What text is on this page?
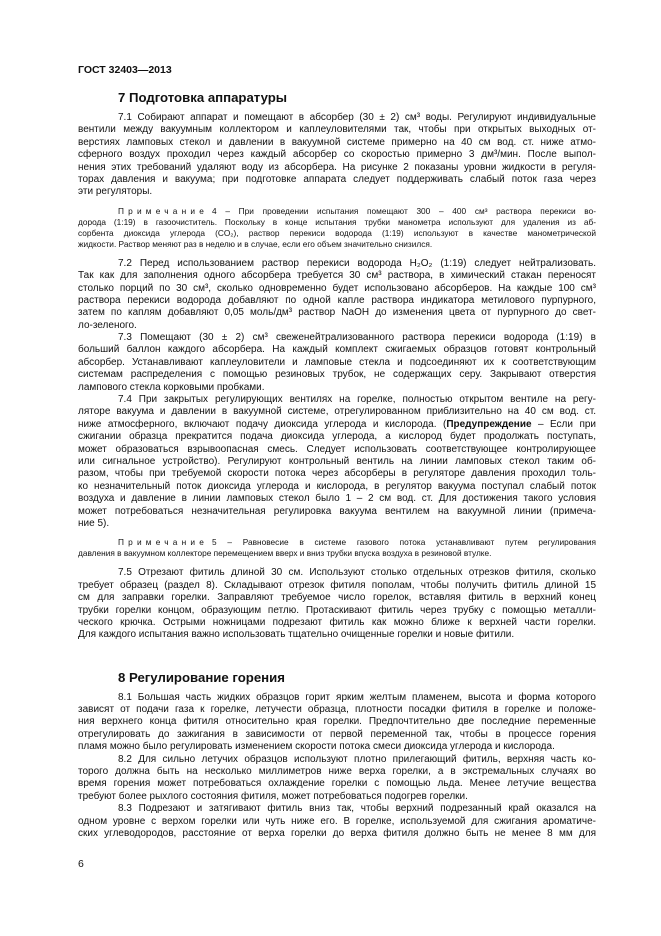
ГОСТ 32403—2013
7 Подготовка аппаратуры
7.1 Собирают аппарат и помещают в абсорбер (30 ± 2) см³ воды. Регулируют индивидуальные
вентили между вакуумным коллектором и каплеуловителями так, чтобы при открытых выходных от-
верстиях ламповых стекол и давлении в вакуумной системе примерно на 40 см вод. ст. ниже атмо-
сферного воздух проходил через каждый абсорбер со скоростью примерно 3 дм³/мин. После выпол-
нения этих требований удаляют воду из абсорбера. На рисунке 2 показаны уровни жидкости в регуля-
торах давления и вакуума; при подготовке аппарата следует поддерживать слабый поток газа через
эти регуляторы.
Примечание 4 – При проведении испытания помещают 300 – 400 см³ раствора перекиси во-
дорода (1:19) в газоочиститель. Поскольку в конце испытания трубки манометра используют для удаления из аб-
сорбента диоксида углерода (CO₂), раствор перекиси водорода (1:19) используют в качестве манометрической
жидкости. Раствор меняют раз в неделю и в случае, если его объем значительно снизился.
7.2 Перед использованием раствор перекиси водорода H₂O₂ (1:19) следует нейтрализовать.
Так как для заполнения одного абсорбера требуется 30 см³ раствора, в химический стакан переносят
столько порций по 30 см³, сколько одновременно будет использовано абсорберов. На каждые 100 см³
раствора перекиси водорода добавляют по одной капле раствора индикатора метилового пурпурного,
затем по каплям добавляют 0,05 моль/дм³ раствор NaOH до изменения цвета от пурпурного до свет-
ло-зеленого.
7.3 Помещают (30 ± 2) см³ свеженейтрализованного раствора перекиси водорода (1:19) в
больший баллон каждого абсорбера. На каждый комплект сжигаемых образцов готовят контрольный
абсорбер. Устанавливают каплеуловители и ламповые стекла и подсоединяют их к соответствующим
системам распределения с помощью резиновых трубок, не содержащих серу. Закрывают отверстия
лампового стекла корковыми пробками.
7.4 При закрытых регулирующих вентилях на горелке, полностью открытом вентиле на регу-
ляторе вакуума и давлении в вакуумной системе, отрегулированном приблизительно на 40 см вод. ст.
ниже атмосферного, включают подачу диоксида углерода и кислорода. (Предупреждение – Если при
сжигании образца прекратится подача диоксида углерода, а кислород будет продолжать поступать,
может образоваться взрывоопасная смесь. Следует использовать соответствующее контролирующее
или сигнальное устройство). Регулируют контрольный вентиль на линии ламповых стекол таким об-
разом, чтобы при требуемой скорости потока через абсорберы в регуляторе давления проходил толь-
ко незначительный поток диоксида углерода и кислорода, в регулятор вакуума поступал слабый поток
воздуха и давление в линии ламповых стекол было 1 – 2 см вод. ст. Для достижения такого условия
может потребоваться незначительная регулировка вакуума вентилем на вакуумной линии (примеча-
ние 5).
Примечание 5 – Равновесие в системе газового потока устанавливают путем регулирования
давления в вакуумном коллекторе перемещением вверх и вниз трубки впуска воздуха в резиновой втулке.
7.5 Отрезают фитиль длиной 30 см. Используют столько отдельных отрезков фитиля, сколько
требует образец (раздел 8). Складывают отрезок фитиля пополам, чтобы получить фитиль длиной 15
см для заправки горелки. Заправляют требуемое число горелок, вставляя фитиль в верхний конец
трубки горелки концом, образующим петлю. Протаскивают фитиль через трубку с помощью металли-
ческого крючка. Острыми ножницами подрезают фитиль как можно ближе к верхней части горелки.
Для каждого испытания важно использовать тщательно очищенные горелки и новые фитили.
8 Регулирование горения
8.1 Большая часть жидких образцов горит ярким желтым пламенем, высота и форма которого
зависят от подачи газа к горелке, летучести образца, плотности посадки фитиля в горелке и положе-
ния верхнего конца фитиля относительно края горелки. Предпочтительно две последние переменные
отрегулировать до зажигания в зависимости от первой переменной так, чтобы в процессе горения
пламя можно было регулировать изменением скорости потока смеси диоксида углерода и кислорода.
8.2 Для сильно летучих образцов используют плотно прилегающий фитиль, верхняя часть ко-
торого должна быть на несколько миллиметров ниже верха горелки, а в экстремальных случаях во
время горения может потребоваться охлаждение горелки с помощью льда. Менее летучие вещества
требуют более рыхлого состояния фитиля, может потребоваться подогрев горелки.
8.3 Подрезают и затягивают фитиль вниз так, чтобы верхний подрезанный край оказался на
одном уровне с верхом горелки или чуть ниже его. В горелке, используемой для сжигания ароматиче-
ских углеводородов, расстояние от верха горелки до верха фитиля должно быть не менее 8 мм для
6
